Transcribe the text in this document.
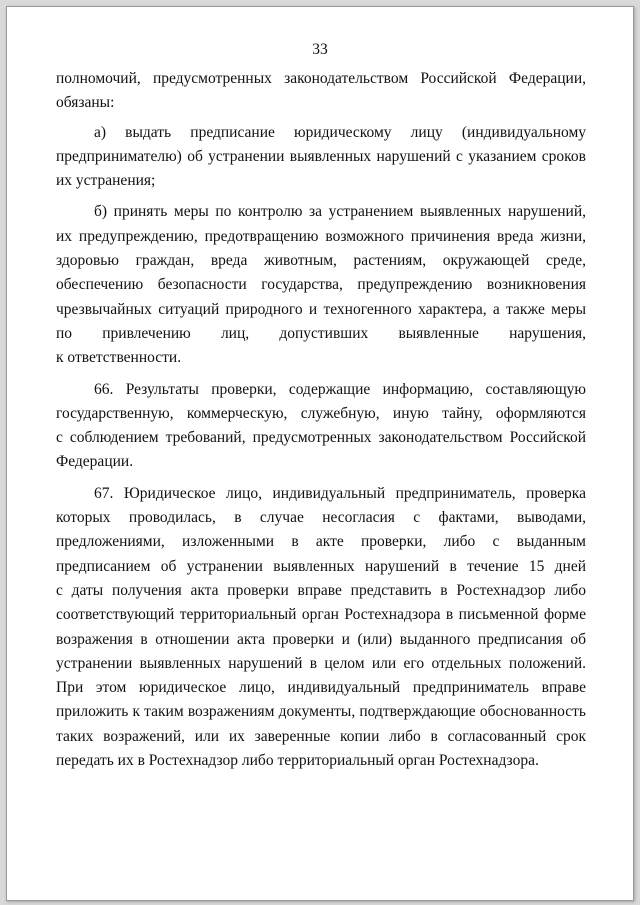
33
полномочий, предусмотренных законодательством Российской Федерации,
обязаны:
а) выдать предписание юридическому лицу (индивидуальному
предпринимателю) об устранении выявленных нарушений с указанием сроков
их устранения;
б) принять меры по контролю за устранением выявленных нарушений,
их предупреждению, предотвращению возможного причинения вреда жизни,
здоровью граждан, вреда животным, растениям, окружающей среде,
обеспечению безопасности государства, предупреждению возникновения
чрезвычайных ситуаций природного и техногенного характера, а также меры
по привлечению лиц, допустивших выявленные нарушения,
к ответственности.
66. Результаты проверки, содержащие информацию, составляющую
государственную, коммерческую, служебную, иную тайну, оформляются
с соблюдением требований, предусмотренных законодательством Российской
Федерации.
67. Юридическое лицо, индивидуальный предприниматель, проверка
которых проводилась, в случае несогласия с фактами, выводами,
предложениями, изложенными в акте проверки, либо с выданным
предписанием об устранении выявленных нарушений в течение 15 дней
с даты получения акта проверки вправе представить в Ростехнадзор либо
соответствующий территориальный орган Ростехнадзора в письменной форме
возражения в отношении акта проверки и (или) выданного предписания об
устранении выявленных нарушений в целом или его отдельных положений.
При этом юридическое лицо, индивидуальный предприниматель вправе
приложить к таким возражениям документы, подтверждающие обоснованность
таких возражений, или их заверенные копии либо в согласованный срок
передать их в Ростехнадзор либо территориальный орган Ростехнадзора.
